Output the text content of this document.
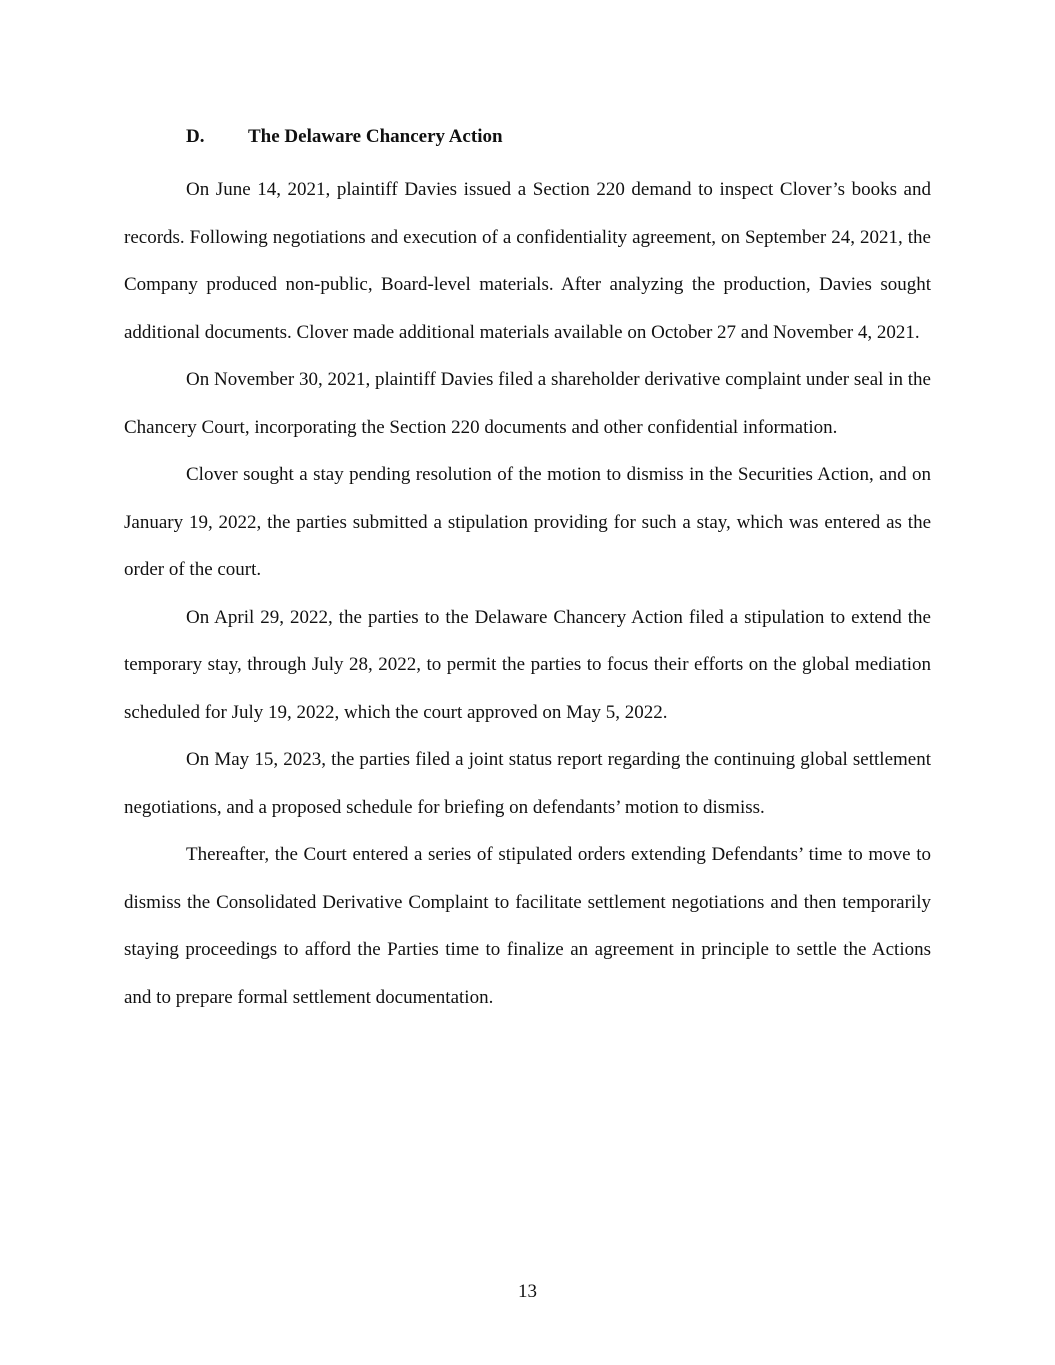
D. The Delaware Chancery Action

On June 14, 2021, plaintiff Davies issued a Section 220 demand to inspect Clover’s books and records. Following negotiations and execution of a confidentiality agreement, on September 24, 2021, the Company produced non-public, Board-level materials. After analyzing the production, Davies sought additional documents. Clover made additional materials available on October 27 and November 4, 2021.

On November 30, 2021, plaintiff Davies filed a shareholder derivative complaint under seal in the Chancery Court, incorporating the Section 220 documents and other confidential information.

Clover sought a stay pending resolution of the motion to dismiss in the Securities Action, and on January 19, 2022, the parties submitted a stipulation providing for such a stay, which was entered as the order of the court.

On April 29, 2022, the parties to the Delaware Chancery Action filed a stipulation to extend the temporary stay, through July 28, 2022, to permit the parties to focus their efforts on the global mediation scheduled for July 19, 2022, which the court approved on May 5, 2022.

On May 15, 2023, the parties filed a joint status report regarding the continuing global settlement negotiations, and a proposed schedule for briefing on defendants’ motion to dismiss.

Thereafter, the Court entered a series of stipulated orders extending Defendants’ time to move to dismiss the Consolidated Derivative Complaint to facilitate settlement negotiations and then temporarily staying proceedings to afford the Parties time to finalize an agreement in principle to settle the Actions and to prepare formal settlement documentation.

13
